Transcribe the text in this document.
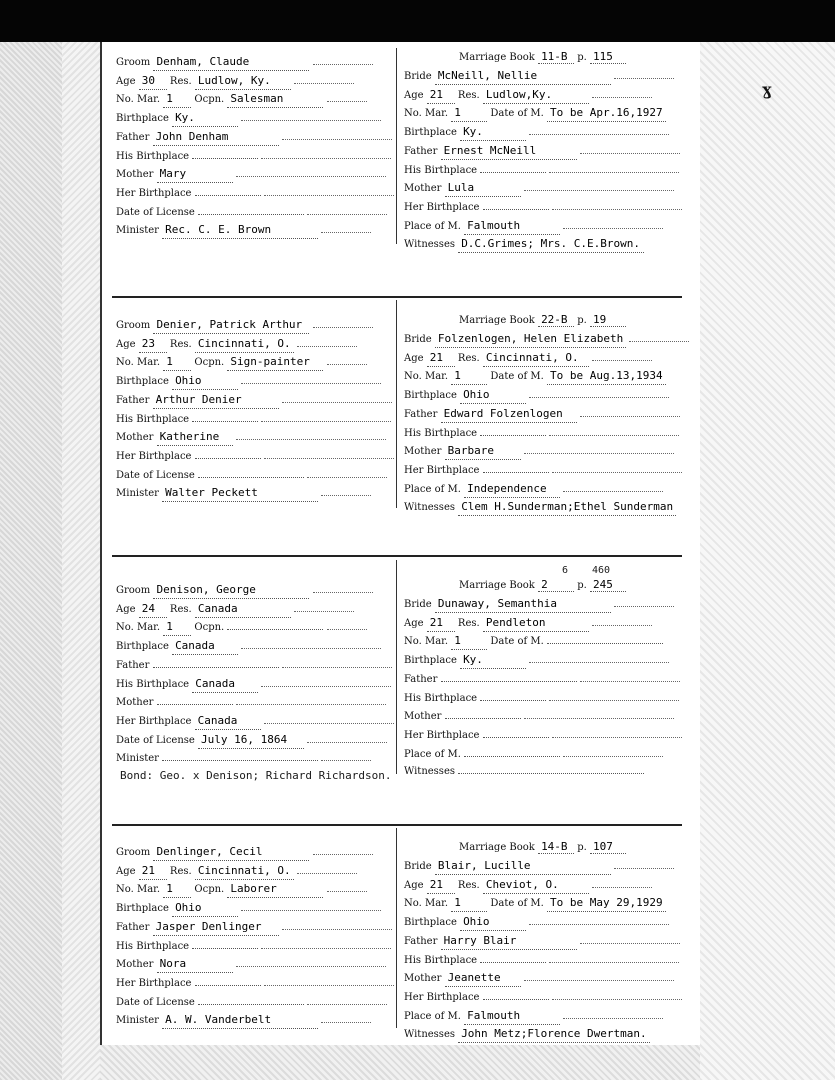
ɣ
Groom Denham, Claude
Age 30 Res. Ludlow, Ky.
No. Mar. 1 Ocpn. Salesman
Birthplace Ky.
Father John Denham
His Birthplace
Mother Mary
Her Birthplace
Date of License
Minister Rec. C. E. Brown
Marriage Book 11-B p. 115
Bride McNeill, Nellie
Age 21 Res. Ludlow,Ky.
No. Mar. 1	Date of M. To be Apr.16,1927
Birthplace Ky.
Father Ernest McNeill
His Birthplace
Mother Lula
Her Birthplace
Place of M. Falmouth
Witnesses D.C.Grimes; Mrs. C.E.Brown.
Groom Denier, Patrick Arthur
Age 23 Res. Cincinnati, O.
No. Mar. 1 Ocpn. Sign-painter
Birthplace Ohio
Father Arthur Denier
His Birthplace
Mother Katherine
Her Birthplace
Date of License
Minister Walter Peckett
Marriage Book 22-B p. 19
Bride Folzenlogen, Helen Elizabeth
Age 21 Res. Cincinnati, O.
No. Mar. 1	Date of M. To be Aug.13,1934
Birthplace Ohio
Father Edward Folzenlogen
His Birthplace
Mother Barbare
Her Birthplace
Place of M. Independence
Witnesses Clem H.Sunderman;Ethel Sunderman
Groom Denison, George
Age 24 Res. Canada
No. Mar. 1 Ocpn.
Birthplace Canada
Father
His Birthplace Canada
Mother
Her Birthplace Canada
Date of License July 16, 1864
Minister
Marriage Book 2	p. 245
6 460
Bride Dunaway, Semanthia
Age 21 Res. Pendleton
No. Mar. 1	Date of M.
Birthplace Ky.
Father
His Birthplace
Mother
Her Birthplace
Place of M.
Witnesses
Bond: Geo. x Denison; Richard Richardson.
Groom Denlinger, Cecil
Age 21 Res. Cincinnati, O.
No. Mar. 1 Ocpn. Laborer
Birthplace Ohio
Father Jasper Denlinger
His Birthplace
Mother Nora
Her Birthplace
Date of License
Minister A. W. Vanderbelt
Marriage Book 14-B p. 107
Bride Blair, Lucille
Age 21 Res. Cheviot, O.
No. Mar. 1	Date of M. To be May 29,1929
Birthplace Ohio
Father Harry Blair
His Birthplace
Mother Jeanette
Her Birthplace
Place of M. Falmouth
Witnesses John Metz;Florence Dwertman.
